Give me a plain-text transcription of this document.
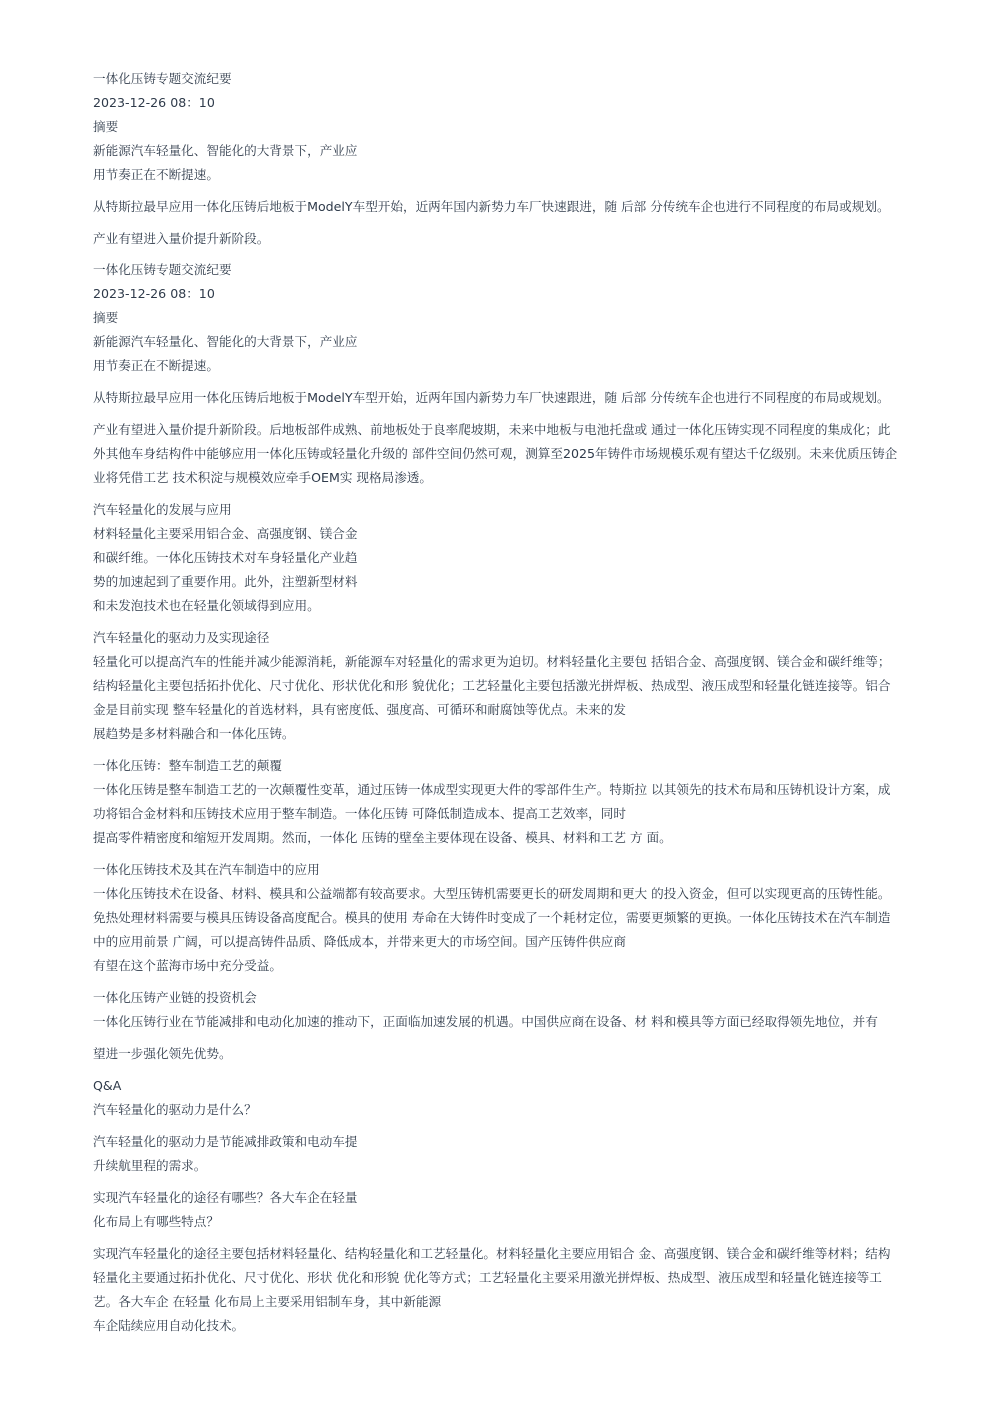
一体化压铸专题交流纪要
2023-12-26 08：10
摘要
新能源汽车轻量化、智能化的大背景下，产业应
用节奏正在不断提速。
从特斯拉最早应用一体化压铸后地板于ModelY车型开始，近两年国内新势力车厂快速跟进，随 后部 分传统车企也进行不同程度的布局或规划。
产业有望进入量价提升新阶段。
一体化压铸专题交流纪要
2023-12-26 08：10
摘要
新能源汽车轻量化、智能化的大背景下，产业应
用节奏正在不断提速。
从特斯拉最早应用一体化压铸后地板于ModelY车型开始，近两年国内新势力车厂快速跟进，随 后部 分传统车企也进行不同程度的布局或规划。
产业有望进入量价提升新阶段。后地板部件成熟、前地板处于良率爬坡期，未来中地板与电池托盘或 通过一体化压铸实现不同程度的集成化；此
外其他车身结构件中能够应用一体化压铸或轻量化升级的 部件空间仍然可观，测算至2025年铸件市场规模乐观有望达千亿级别。未来优质压铸企
业将凭借工艺 技术积淀与规模效应牵手OEM实 现格局渗透。
汽车轻量化的发展与应用
材料轻量化主要采用铝合金、高强度钢、镁合金
和碳纤维。一体化压铸技术对车身轻量化产业趋
势的加速起到了重要作用。此外，注塑新型材料
和未发泡技术也在轻量化领域得到应用。
汽车轻量化的驱动力及实现途径
轻量化可以提高汽车的性能并减少能源消耗，新能源车对轻量化的需求更为迫切。材料轻量化主要包 括铝合金、高强度钢、镁合金和碳纤维等；
结构轻量化主要包括拓扑优化、尺寸优化、形状优化和形 貌优化；工艺轻量化主要包括激光拼焊板、热成型、液压成型和轻量化链连接等。铝合
金是目前实现 整车轻量化的首选材料，具有密度低、强度高、可循环和耐腐蚀等优点。未来的发
展趋势是多材料融合和一体化压铸。
一体化压铸：整车制造工艺的颠覆
一体化压铸是整车制造工艺的一次颠覆性变革，通过压铸一体成型实现更大件的零部件生产。特斯拉 以其领先的技术布局和压铸机设计方案，成
功将铝合金材料和压铸技术应用于整车制造。一体化压铸 可降低制造成本、提高工艺效率，同时
提高零件精密度和缩短开发周期。然而，一体化 压铸的壁垒主要体现在设备、模具、材料和工艺 方 面。
一体化压铸技术及其在汽车制造中的应用
一体化压铸技术在设备、材料、模具和公益端都有较高要求。大型压铸机需要更长的研发周期和更大 的投入资金，但可以实现更高的压铸性能。
免热处理材料需要与模具压铸设备高度配合。模具的使用 寿命在大铸件时变成了一个耗材定位，需要更频繁的更换。一体化压铸技术在汽车制造
中的应用前景 广阔，可以提高铸件品质、降低成本，并带来更大的市场空间。国产压铸件供应商
有望在这个蓝海市场中充分受益。
一体化压铸产业链的投资机会
一体化压铸行业在节能减排和电动化加速的推动下，正面临加速发展的机遇。中国供应商在设备、材 料和模具等方面已经取得领先地位，并有
望进一步强化领先优势。
Q&A
汽车轻量化的驱动力是什么？
汽车轻量化的驱动力是节能减排政策和电动车提
升续航里程的需求。
实现汽车轻量化的途径有哪些？各大车企在轻量
化布局上有哪些特点？
实现汽车轻量化的途径主要包括材料轻量化、结构轻量化和工艺轻量化。材料轻量化主要应用铝合 金、高强度钢、镁合金和碳纤维等材料；结构
轻量化主要通过拓扑优化、尺寸优化、形状 优化和形貌 优化等方式；工艺轻量化主要采用激光拼焊板、热成型、液压成型和轻量化链连接等工
艺。各大车企 在轻量 化布局上主要采用铝制车身，其中新能源
车企陆续应用自动化技术。
